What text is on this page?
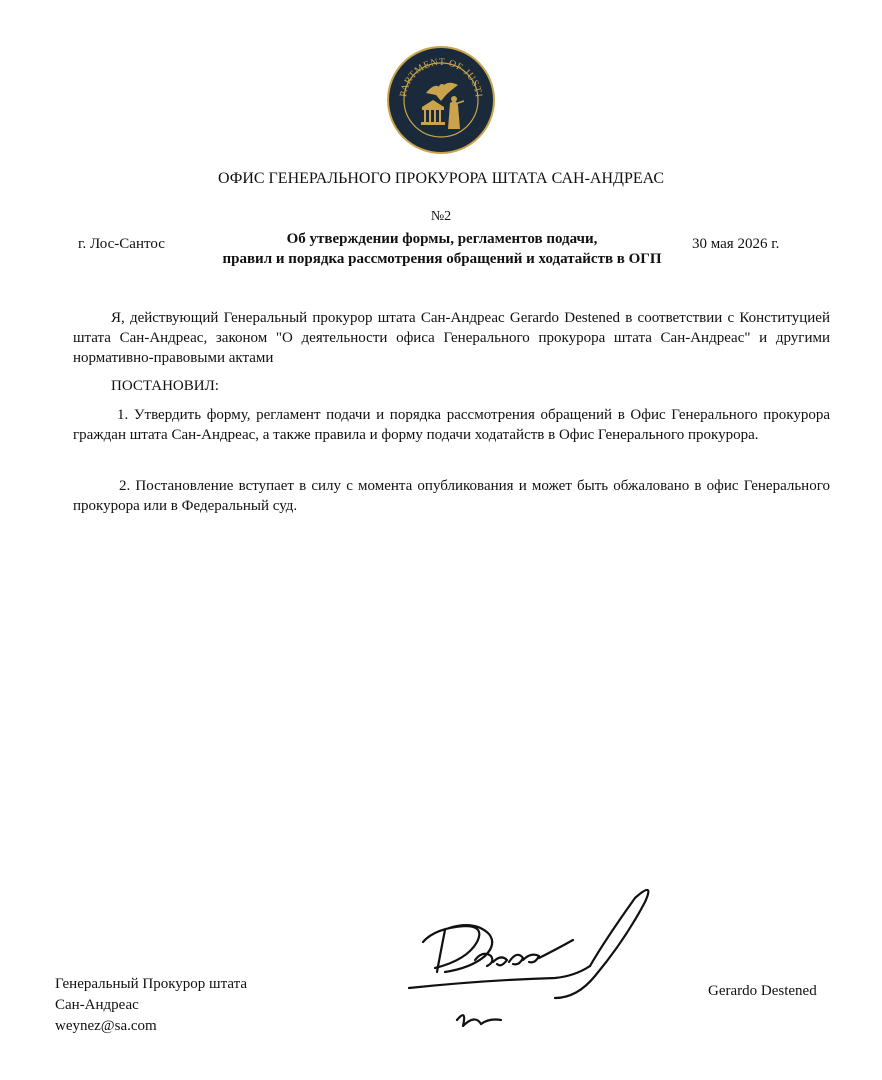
PARTMENT OF JUSTI
ОФИС ГЕНЕРАЛЬНОГО ПРОКУРОРА ШТАТА САН-АНДРЕАС
№2
г. Лос-Сантос	Об утверждении формы, регламентов подачи,
правил и порядка рассмотрения обращений и ходатайств в ОГП
30 мая 2026 г.
Я, действующий Генеральный прокурор штата Сан-Андреас Gerardo Destened в соответствии с Конституцией штата Сан-Андреас, законом "О деятельности офиса Генерального прокурора штата Сан-Андреас" и другими нормативно-правовыми актами
ПОСТАНОВИЛ:
1. Утвердить форму, регламент подачи и порядка рассмотрения обращений в Офис Генерального прокурора граждан штата Сан-Андреас, а также правила и форму подачи ходатайств в Офис Генерального прокурора.
2. Постановление вступает в силу с момента опубликования и может быть обжаловано в офис Генерального прокурора или в Федеральный суд.
Генеральный Прокурор штата
Сан-Андреас
weynez@sa.com
Gerardo Destened
